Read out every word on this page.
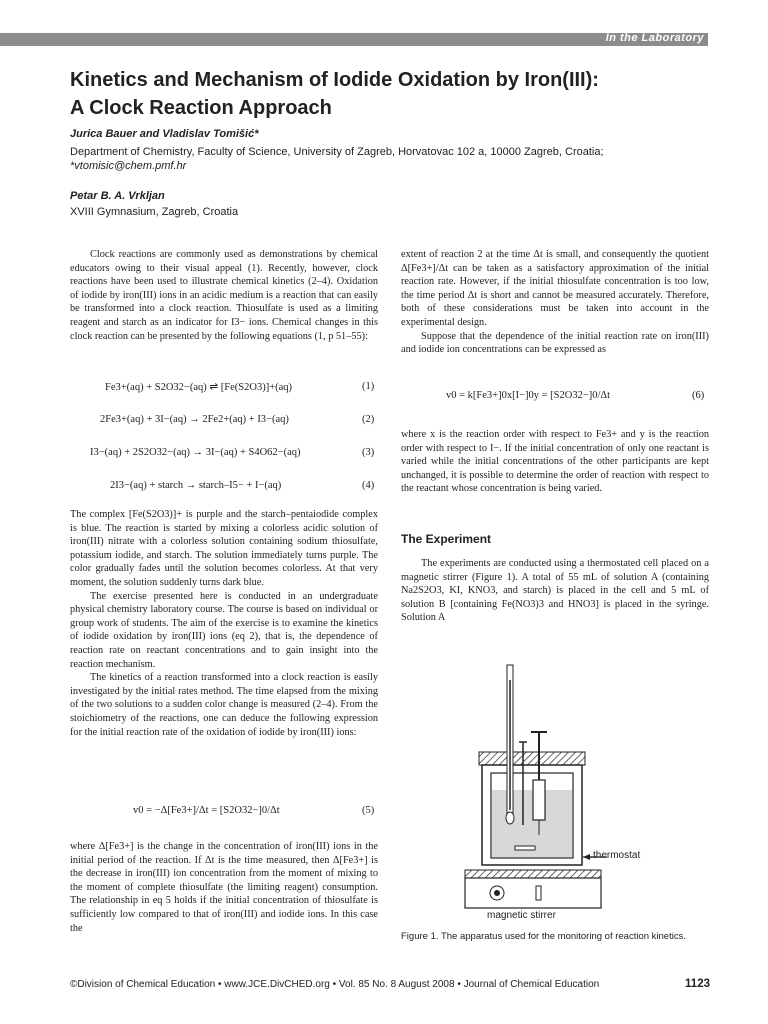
In the Laboratory
Kinetics and Mechanism of Iodide Oxidation by Iron(III):
A Clock Reaction Approach
Jurica Bauer and Vladislav Tomišić*
Department of Chemistry, Faculty of Science, University of Zagreb, Horvatovac 102 a, 10000 Zagreb, Croatia;
*vtomisic@chem.pmf.hr
Petar B. A. Vrkljan
XVIII Gymnasium, Zagreb, Croatia

Clock reactions are commonly used as demonstrations by chemical educators owing to their visual appeal (1). Recently, however, clock reactions have been used to illustrate chemical kinetics (2–4). Oxidation of iodide by iron(III) ions in an acidic medium is a reaction that can easily be transformed into a clock reaction. Thiosulfate is used as a limiting reagent and starch as an indicator for I3− ions. Chemical changes in this clock reaction can be presented by the following equations (1, p 51–55):

Fe3+(aq) + S2O32−(aq) ⇌ [Fe(S2O3)]+(aq)	(1)
2Fe3+(aq) + 3I−(aq) → 2Fe2+(aq) + I3−(aq)	(2)
I3−(aq) + 2S2O32−(aq) → 3I−(aq) + S4O62−(aq)	(3)
2I3−(aq) + starch → starch–I5− + I−(aq)	(4)

The complex [Fe(S2O3)]+ is purple and the starch–pentaiodide complex is blue. The reaction is started by mixing a colorless acidic solution of iron(III) nitrate with a colorless solution containing sodium thiosulfate, potassium iodide, and starch. The solution immediately turns purple. The color gradually fades until the solution becomes colorless. At that very moment, the solution suddenly turns dark blue.

The exercise presented here is conducted in an undergraduate physical chemistry laboratory course. The course is based on individual or group work of students. The aim of the exercise is to examine the kinetics of iodide oxidation by iron(III) ions (eq 2), that is, the dependence of reaction rate on reactant concentrations and to gain insight into the reaction mechanism.

The kinetics of a reaction transformed into a clock reaction is easily investigated by the initial rates method. The time elapsed from the mixing of the two solutions to a sudden color change is measured (2–4). From the stoichiometry of the reactions, one can deduce the following expression for the initial reaction rate of the oxidation of iodide by iron(III) ions:

v0 = −Δ[Fe3+]/Δt = [S2O32−]0/Δt	(5)

where Δ[Fe3+] is the change in the concentration of iron(III) ions in the initial period of the reaction. If Δt is the time measured, then Δ[Fe3+] is the decrease in iron(III) ion concentration from the moment of mixing to the moment of complete thiosulfate (the limiting reagent) consumption. The relationship in eq 5 holds if the initial concentration of thiosulfate is sufficiently low compared to that of iron(III) and iodide ions. In this case the

extent of reaction 2 at the time Δt is small, and consequently the quotient Δ[Fe3+]/Δt can be taken as a satisfactory approximation of the initial reaction rate. However, if the initial thiosulfate concentration is too low, the time period Δt is short and cannot be measured accurately. Therefore, both of these considerations must be taken into account in the experimental design.

Suppose that the dependence of the initial reaction rate on iron(III) and iodide ion concentrations can be expressed as

v0 = k[Fe3+]0x[I−]0y = [S2O32−]0/Δt	(6)

where x is the reaction order with respect to Fe3+ and y is the reaction order with respect to I−. If the initial concentration of only one reactant is varied while the initial concentrations of the other participants are kept unchanged, it is possible to determine the order of reaction with respect to the reactant whose concentration is being varied.

The Experiment

The experiments are conducted using a thermostated cell placed on a magnetic stirrer (Figure 1). A total of 55 mL of solution A (containing Na2S2O3, KI, KNO3, and starch) is placed in the cell and 5 mL of solution B [containing Fe(NO3)3 and HNO3] is placed in the syringe. Solution A

thermostat
magnetic stirrer
Figure 1. The apparatus used for the monitoring of reaction kinetics.
©Division of Chemical Education • www.JCE.DivCHED.org • Vol. 85 No. 8 August 2008 • Journal of Chemical Education	1123
